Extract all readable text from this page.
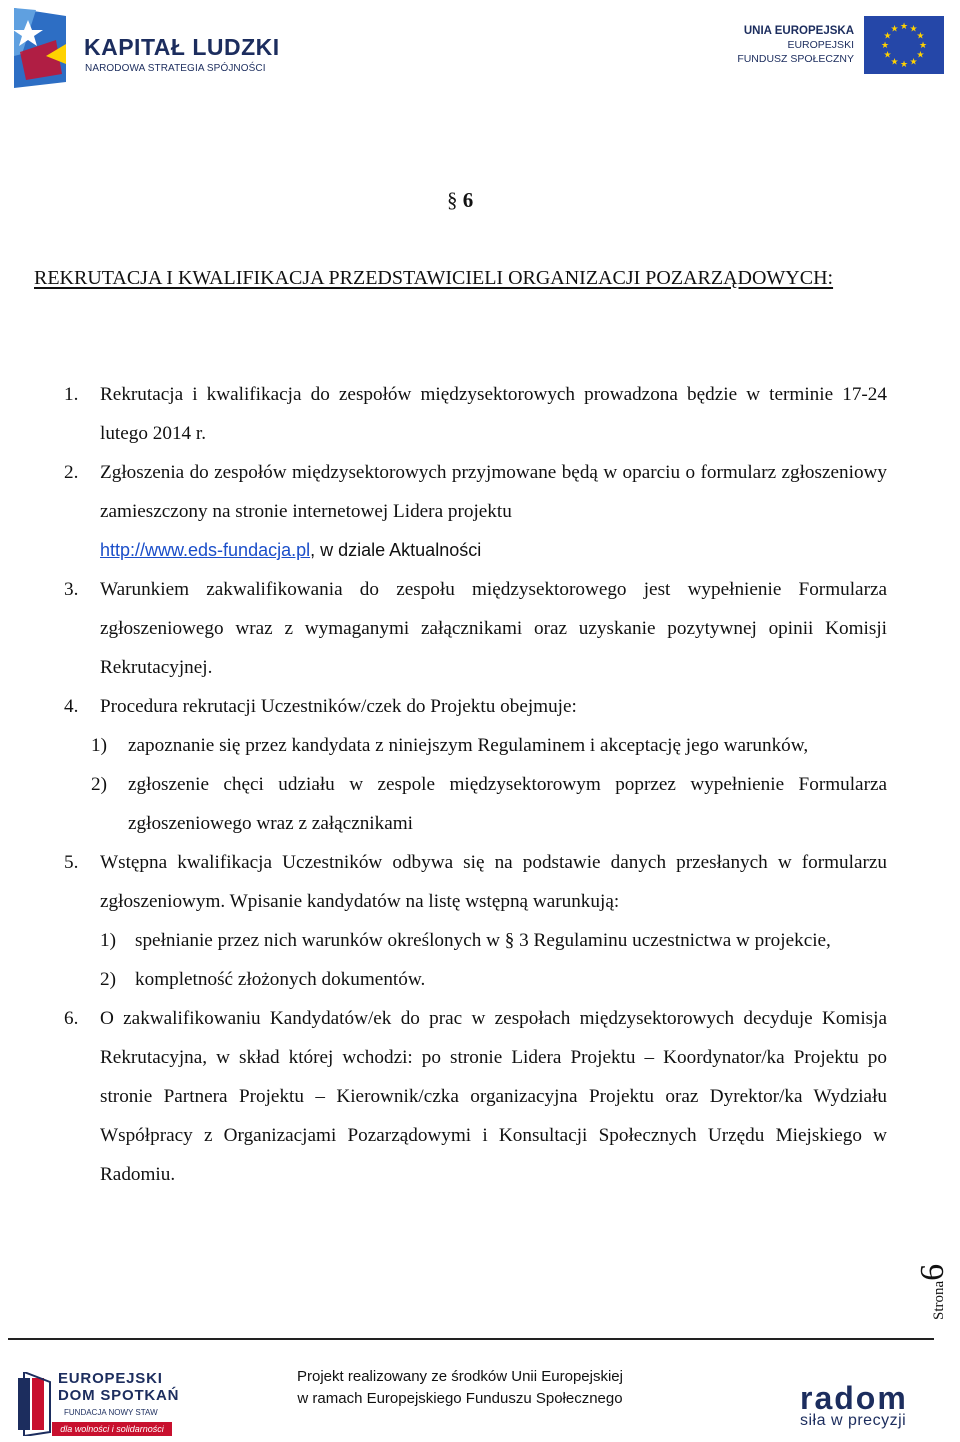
KAPITAŁ LUDZKI
NARODOWA STRATEGIA SPÓJNOŚCI
UNIA EUROPEJSKA
EUROPEJSKI
FUNDUSZ SPOŁECZNY
★
★
★
★
★
★
★
★
★ ★ ★
★
§ 6
REKRUTACJA I KWALIFIKACJA PRZEDSTAWICIELI ORGANIZACJI POZARZĄDOWYCH:
1. Rekrutacja i kwalifikacja do zespołów międzysektorowych prowadzona będzie w terminie 17-24 lutego 2014 r.
2. Zgłoszenia do zespołów międzysektorowych przyjmowane będą w oparciu o formularz zgłoszeniowy zamieszczony na stronie internetowej Lidera projektu
http://www.eds-fundacja.pl, w dziale Aktualności
3. Warunkiem zakwalifikowania do zespołu międzysektorowego jest wypełnienie Formularza zgłoszeniowego wraz z wymaganymi załącznikami oraz uzyskanie pozytywnej opinii Komisji Rekrutacyjnej.
4. Procedura rekrutacji Uczestników/czek do Projektu obejmuje:
1) zapoznanie się przez kandydata z niniejszym Regulaminem i akceptację jego warunków,
2) zgłoszenie chęci udziału w zespole międzysektorowym poprzez wypełnienie Formularza zgłoszeniowego wraz z załącznikami
5. Wstępna kwalifikacja Uczestników odbywa się na podstawie danych przesłanych w formularzu zgłoszeniowym. Wpisanie kandydatów na listę wstępną warunkują:
1) spełnianie przez nich warunków określonych w § 3 Regulaminu uczestnictwa w projekcie,
2) kompletność złożonych dokumentów.
6. O zakwalifikowaniu Kandydatów/ek do prac w zespołach międzysektorowych decyduje Komisja Rekrutacyjna, w skład której wchodzi: po stronie Lidera Projektu – Koordynator/ka Projektu po stronie Partnera Projektu – Kierownik/czka organizacyjna Projektu oraz Dyrektor/ka Wydziału Współpracy z Organizacjami Pozarządowymi i Konsultacji Społecznych Urzędu Miejskiego w Radomiu.
Strona6
EUROPEJSKI
DOM SPOTKAŃ
FUNDACJA NOWY STAW
dla wolności i solidarności
Projekt realizowany ze środków Unii Europejskiej
w ramach Europejskiego Funduszu Społecznego	radom
siła w precyzji
